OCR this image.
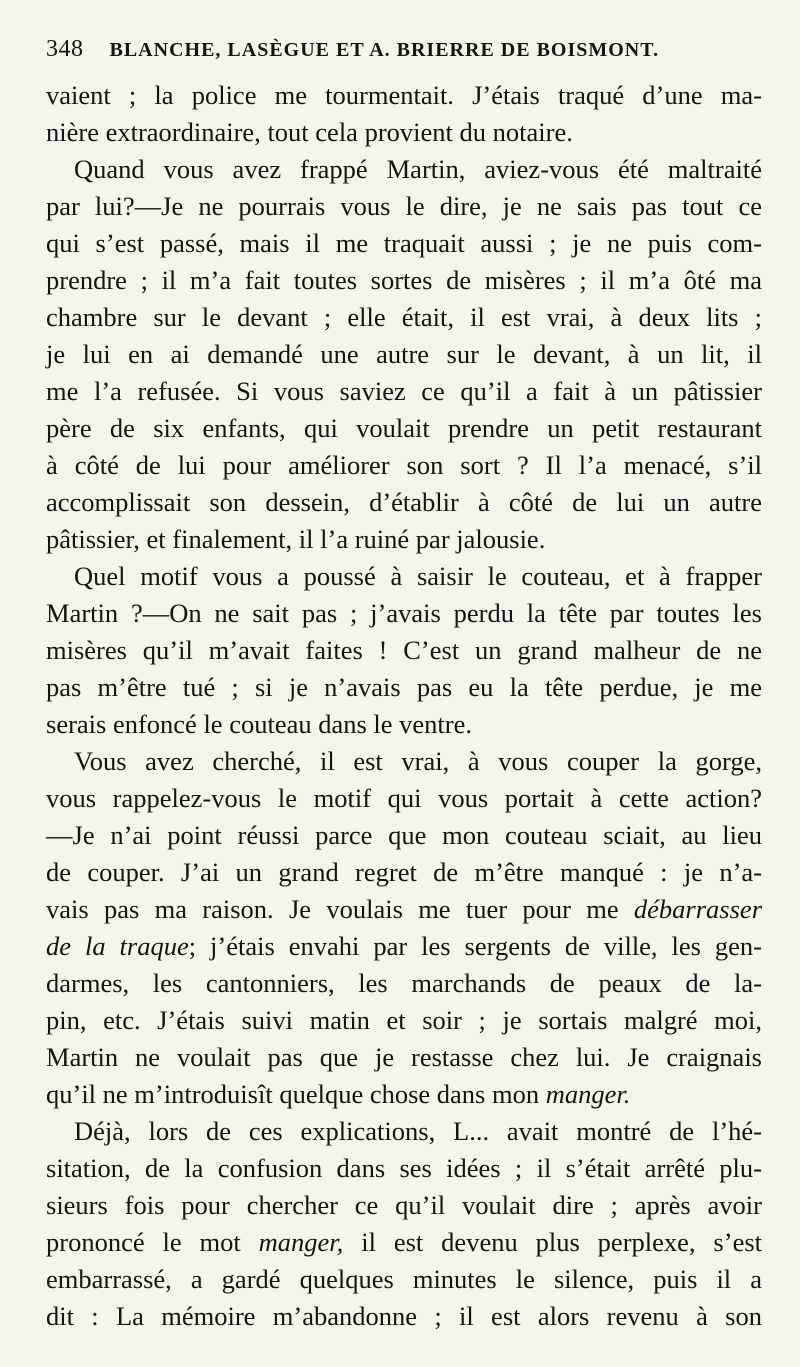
348 BLANCHE, LASÈGUE ET A. BRIERRE DE BOISMONT.

vaient ; la police me tourmentait. J’étais traqué d’une ma-
nière extraordinaire, tout cela provient du notaire.

Quand vous avez frappé Martin, aviez-vous été maltraité
par lui?—Je ne pourrais vous le dire, je ne sais pas tout ce
qui s’est passé, mais il me traquait aussi ; je ne puis com-
prendre ; il m’a fait toutes sortes de misères ; il m’a ôté ma
chambre sur le devant ; elle était, il est vrai, à deux lits ;
je lui en ai demandé une autre sur le devant, à un lit, il
me l’a refusée. Si vous saviez ce qu’il a fait à un pâtissier
père de six enfants, qui voulait prendre un petit restaurant
à côté de lui pour améliorer son sort ? Il l’a menacé, s’il
accomplissait son dessein, d’établir à côté de lui un autre
pâtissier, et finalement, il l’a ruiné par jalousie.

Quel motif vous a poussé à saisir le couteau, et à frapper
Martin ?—On ne sait pas ; j’avais perdu la tête par toutes les
misères qu’il m’avait faites ! C’est un grand malheur de ne
pas m’être tué ; si je n’avais pas eu la tête perdue, je me
serais enfoncé le couteau dans le ventre.

Vous avez cherché, il est vrai, à vous couper la gorge,
vous rappelez-vous le motif qui vous portait à cette action?
—Je n’ai point réussi parce que mon couteau sciait, au lieu
de couper. J’ai un grand regret de m’être manqué : je n’a-
vais pas ma raison. Je voulais me tuer pour me débarrasser
de la traque; j’étais envahi par les sergents de ville, les gen-
darmes, les cantonniers, les marchands de peaux de la-
pin, etc. J’étais suivi matin et soir ; je sortais malgré moi,
Martin ne voulait pas que je restasse chez lui. Je craignais
qu’il ne m’introduisît quelque chose dans mon manger.

Déjà, lors de ces explications, L... avait montré de l’hé-
sitation, de la confusion dans ses idées ; il s’était arrêté plu-
sieurs fois pour chercher ce qu’il voulait dire ; après avoir
prononcé le mot manger, il est devenu plus perplexe, s’est
embarrassé, a gardé quelques minutes le silence, puis il a
dit : La mémoire m’abandonne ; il est alors revenu à son
